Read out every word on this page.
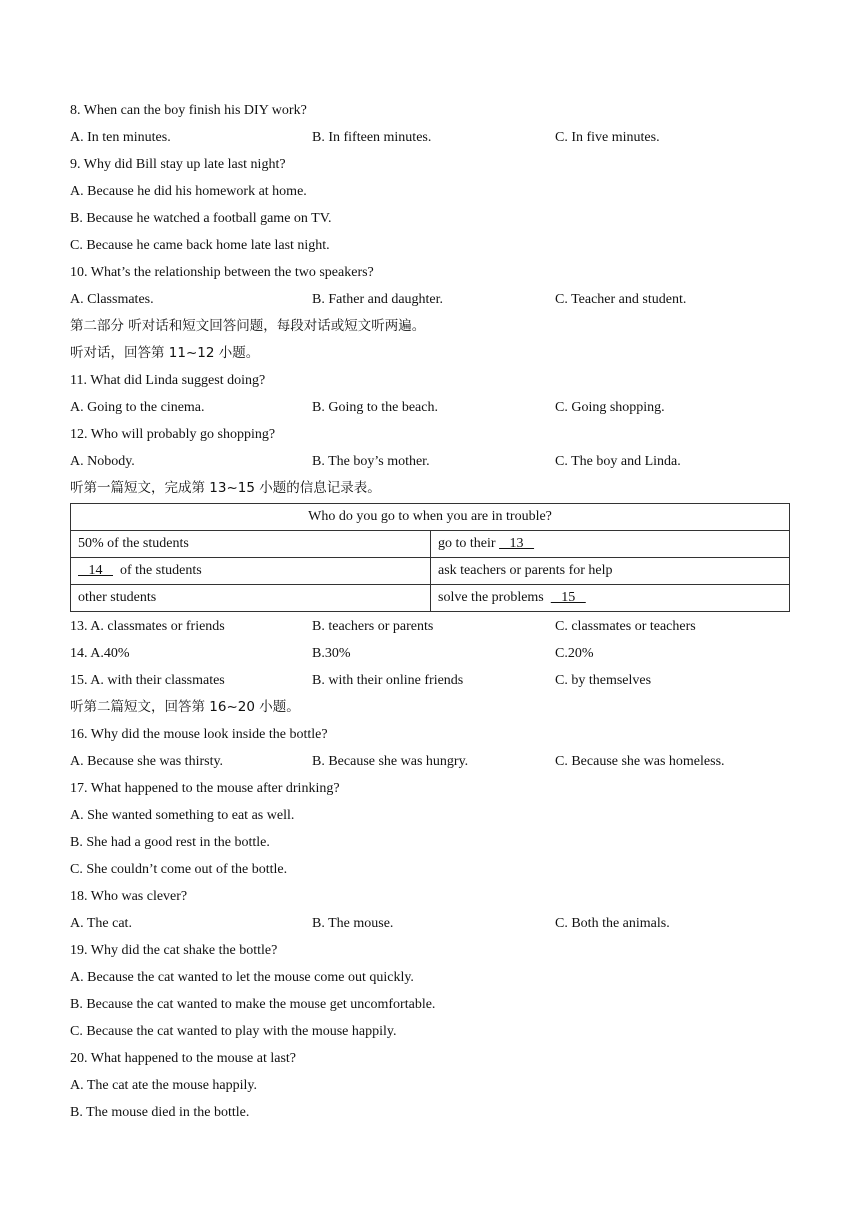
8. When can the boy finish his DIY work?
A. In ten minutes.	B. In fifteen minutes.	C. In five minutes.
9. Why did Bill stay up late last night?
A. Because he did his homework at home.
B. Because he watched a football game on TV.
C. Because he came back home late last night.
10. What’s the relationship between the two speakers?
A. Classmates.	B. Father and daughter.	C. Teacher and student.
第二部分 听对话和短文回答问题，每段对话或短文听两遍。
听对话，回答第 11~12 小题。
11. What did Linda suggest doing?
A. Going to the cinema.	B. Going to the beach.	C. Going shopping.
12. Who will probably go shopping?
A. Nobody.	B. The boy’s mother.	C. The boy and Linda.
听第一篇短文，完成第 13~15 小题的信息记录表。
Who do you go to when you are in trouble?	
50% of the students	go to their    13
14     of the students	ask teachers or parents for help
other students	solve the problems     15
13. A. classmates or friends	B. teachers or parents	C. classmates or teachers
14. A.40%	B.30%	C.20%
15. A. with their classmates	B. with their online friends	C. by themselves
听第二篇短文，回答第 16~20 小题。
16. Why did the mouse look inside the bottle?
A. Because she was thirsty.	B. Because she was hungry.	C. Because she was homeless.
17. What happened to the mouse after drinking?
A. She wanted something to eat as well.
B. She had a good rest in the bottle.
C. She couldn’t come out of the bottle.
18. Who was clever?
A. The cat.	B. The mouse.	C. Both the animals.
19. Why did the cat shake the bottle?
A. Because the cat wanted to let the mouse come out quickly.
B. Because the cat wanted to make the mouse get uncomfortable.
C. Because the cat wanted to play with the mouse happily.
20. What happened to the mouse at last?
A. The cat ate the mouse happily.
B. The mouse died in the bottle.
